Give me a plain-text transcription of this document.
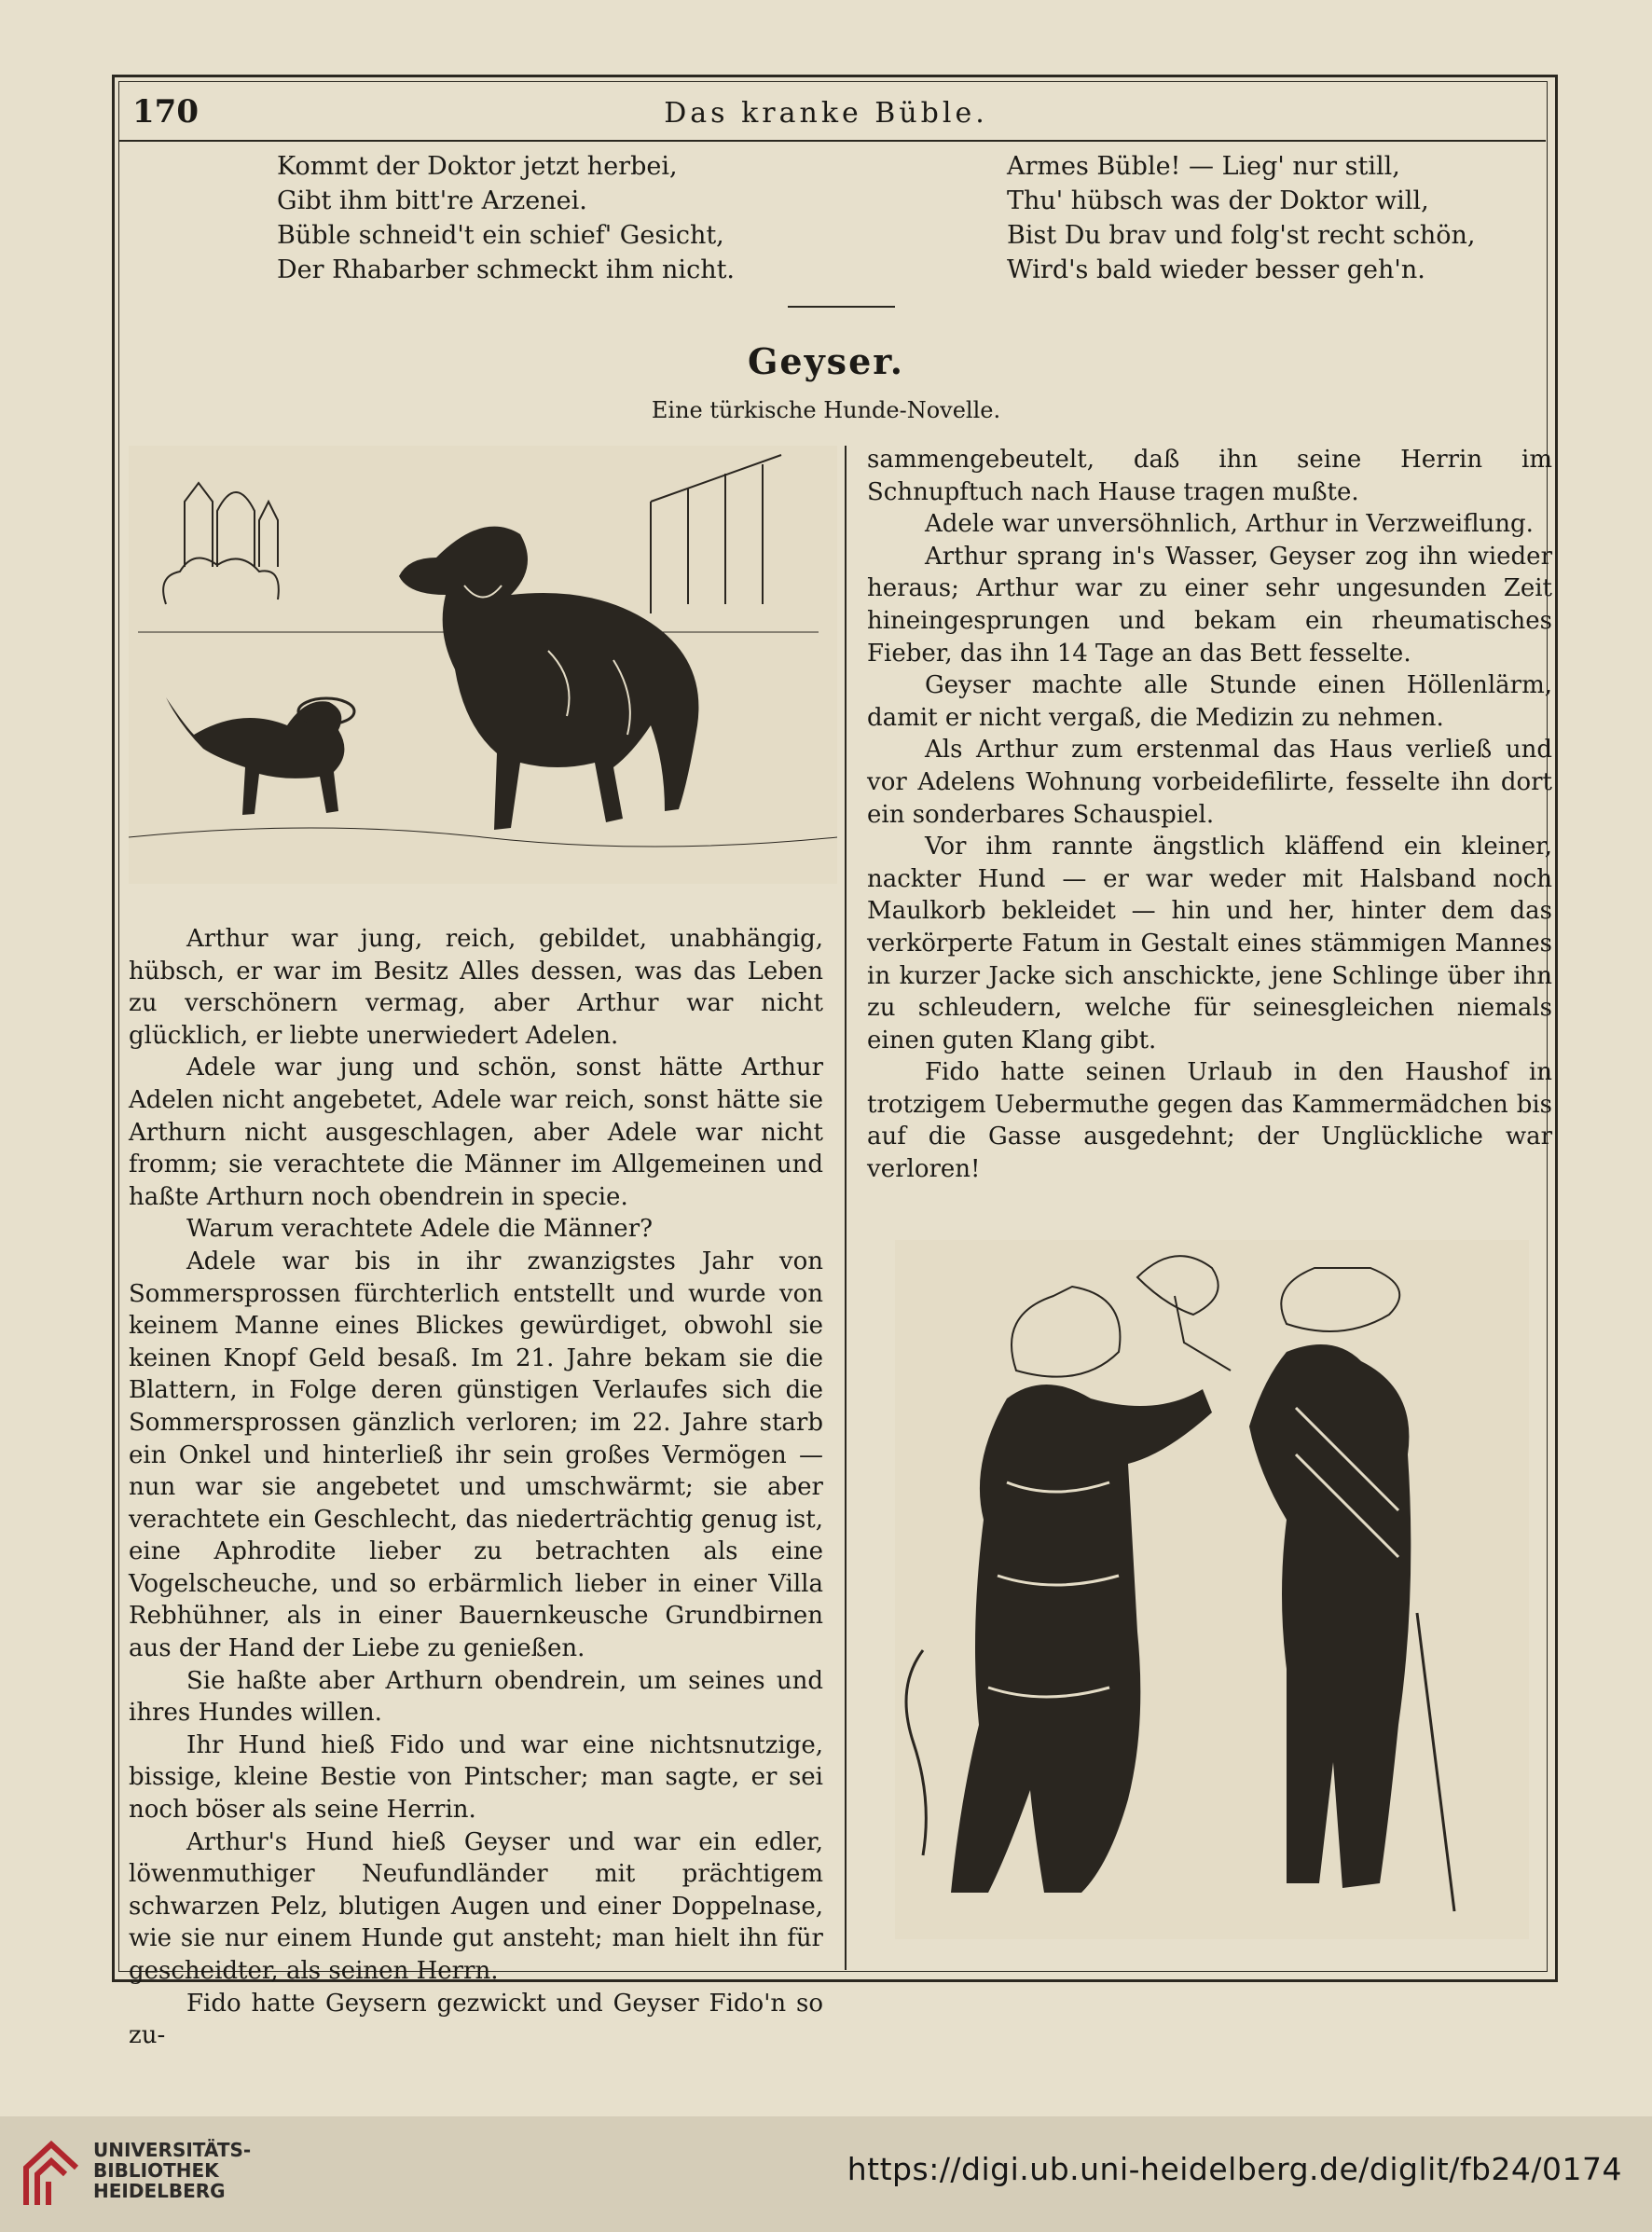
170	Das kranke Büble.
Kommt der Doktor jetzt herbei,
Gibt ihm bitt're Arzenei.
Büble schneid't ein schief' Gesicht,
Der Rhabarber schmeckt ihm nicht.
Armes Büble! — Lieg' nur still,
Thu' hübsch was der Doktor will,
Bist Du brav und folg'st recht schön,
Wird's bald wieder besser geh'n.
Geyser.
Eine türkische Hunde-Novelle.

Arthur war jung, reich, gebildet, unabhängig, hübsch, er war im Besitz Alles dessen, was das Leben zu verschönern vermag, aber Arthur war nicht glücklich, er liebte unerwiedert Adelen.

Adele war jung und schön, sonst hätte Arthur Adelen nicht angebetet, Adele war reich, sonst hätte sie Arthurn nicht ausgeschlagen, aber Adele war nicht fromm; sie verachtete die Männer im Allgemeinen und haßte Arthurn noch obendrein in specie.

Warum verachtete Adele die Männer?

Adele war bis in ihr zwanzigstes Jahr von Sommersprossen fürchterlich entstellt und wurde von keinem Manne eines Blickes gewürdiget, obwohl sie keinen Knopf Geld besaß. Im 21. Jahre bekam sie die Blattern, in Folge deren günstigen Verlaufes sich die Sommersprossen gänzlich verloren; im 22. Jahre starb ein Onkel und hinterließ ihr sein großes Vermögen — nun war sie angebetet und umschwärmt; sie aber verachtete ein Geschlecht, das niederträchtig genug ist, eine Aphrodite lieber zu betrachten als eine Vogelscheuche, und so erbärmlich lieber in einer Villa Rebhühner, als in einer Bauernkeusche Grundbirnen aus der Hand der Liebe zu genießen.

Sie haßte aber Arthurn obendrein, um seines und ihres Hundes willen.

Ihr Hund hieß Fido und war eine nichtsnutzige, bissige, kleine Bestie von Pintscher; man sagte, er sei noch böser als seine Herrin.

Arthur's Hund hieß Geyser und war ein edler, löwenmuthiger Neufundländer mit prächtigem schwarzen Pelz, blutigen Augen und einer Doppelnase, wie sie nur einem Hunde gut ansteht; man hielt ihn für gescheidter, als seinen Herrn.

Fido hatte Geysern gezwickt und Geyser Fido'n so zu-

sammengebeutelt, daß ihn seine Herrin im Schnupftuch nach Hause tragen mußte.

Adele war unversöhnlich, Arthur in Verzweiflung.

Arthur sprang in's Wasser, Geyser zog ihn wieder heraus; Arthur war zu einer sehr ungesunden Zeit hineingesprungen und bekam ein rheumatisches Fieber, das ihn 14 Tage an das Bett fesselte.

Geyser machte alle Stunde einen Höllenlärm, damit er nicht vergaß, die Medizin zu nehmen.

Als Arthur zum erstenmal das Haus verließ und vor Adelens Wohnung vorbeidefilirte, fesselte ihn dort ein sonderbares Schauspiel.

Vor ihm rannte ängstlich kläffend ein kleiner, nackter Hund — er war weder mit Halsband noch Maulkorb bekleidet — hin und her, hinter dem das verkörperte Fatum in Gestalt eines stämmigen Mannes in kurzer Jacke sich anschickte, jene Schlinge über ihn zu schleudern, welche für seinesgleichen niemals einen guten Klang gibt.

Fido hatte seinen Urlaub in den Haushof in trotzigem Uebermuthe gegen das Kammermädchen bis auf die Gasse ausgedehnt; der Unglückliche war verloren!

UNIVERSITÄTS-
BIBLIOTHEK
HEIDELBERG
https://digi.ub.uni-heidelberg.de/diglit/fb24/0174
